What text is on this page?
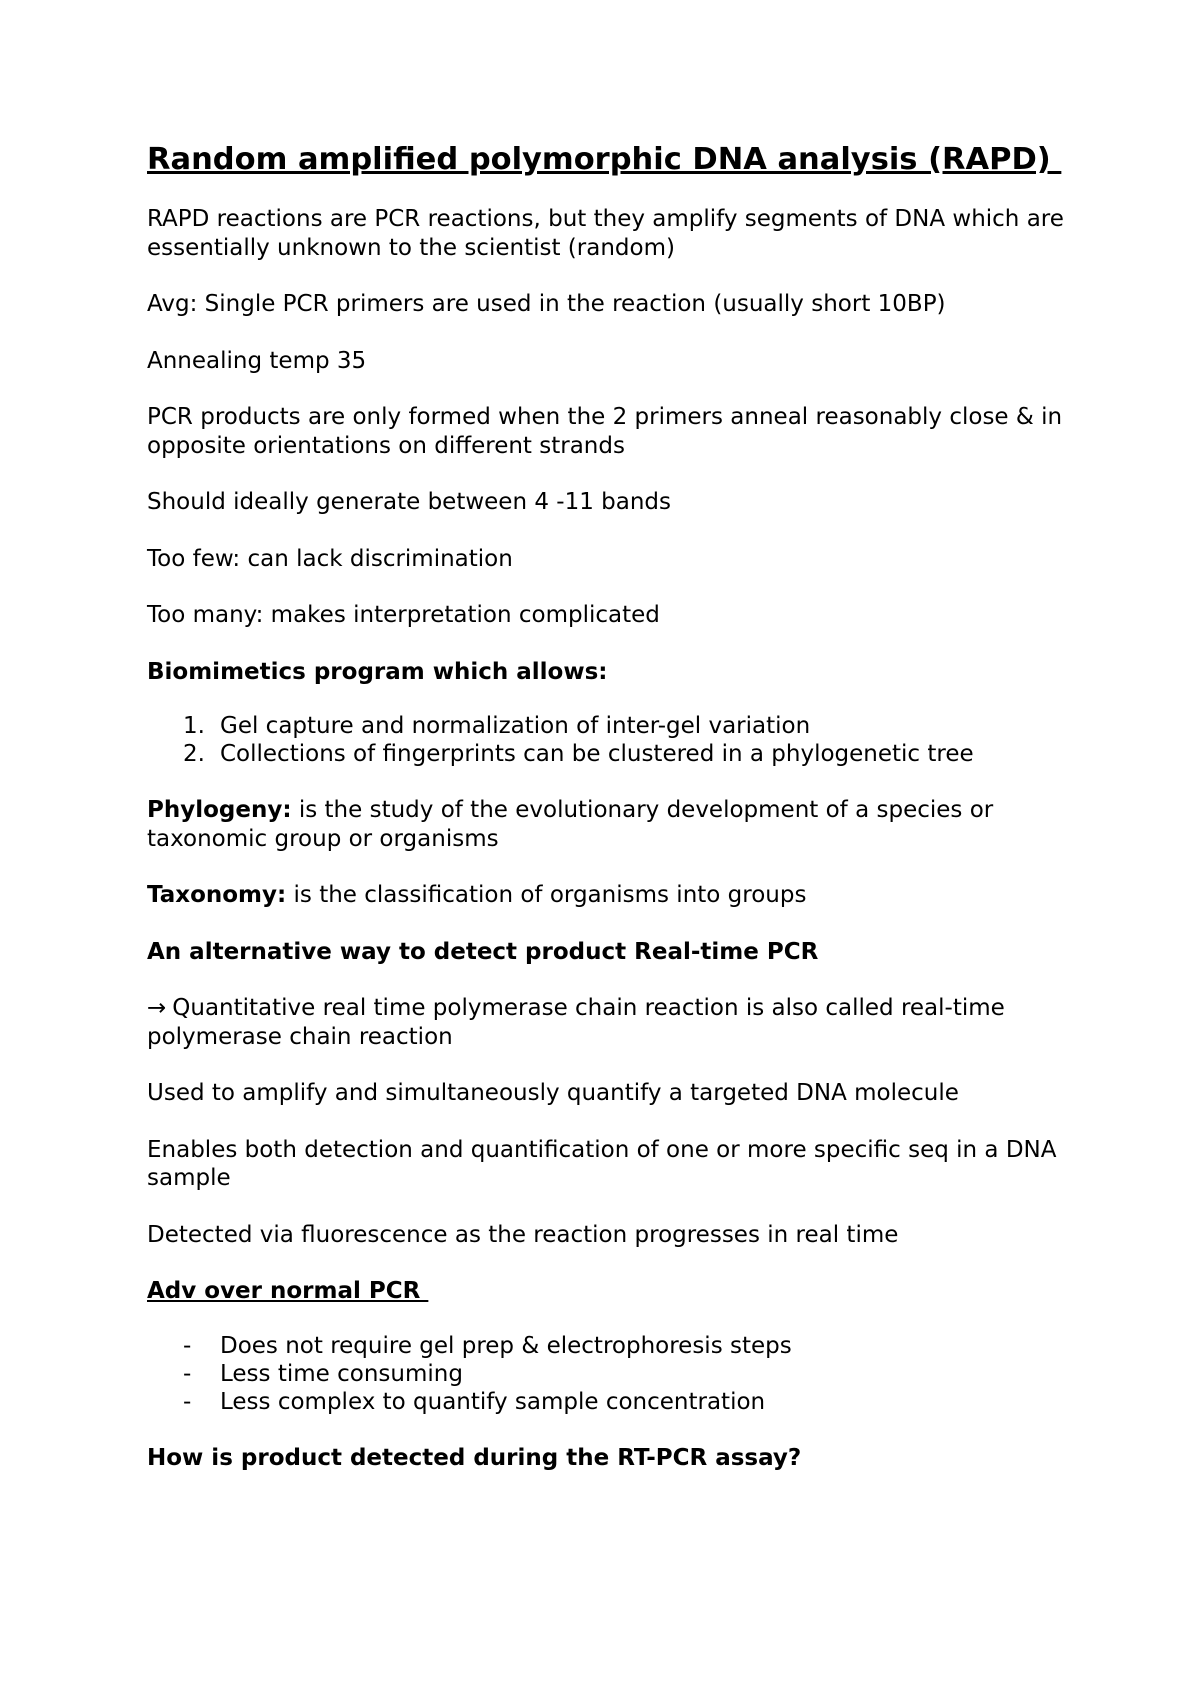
Random amplified polymorphic DNA analysis (RAPD)
RAPD reactions are PCR reactions, but they amplify segments of DNA which are essentially unknown to the scientist (random)
Avg: Single PCR primers are used in the reaction (usually short 10BP)
Annealing temp 35
PCR products are only formed when the 2 primers anneal reasonably close & in opposite orientations on different strands
Should ideally generate between 4 -11 bands
Too few: can lack discrimination
Too many: makes interpretation complicated
Biomimetics program which allows:
1. Gel capture and normalization of inter-gel variation
2. Collections of fingerprints can be clustered in a phylogenetic tree
Phylogeny: is the study of the evolutionary development of a species or taxonomic group or organisms
Taxonomy: is the classification of organisms into groups
An alternative way to detect product Real-time PCR
→ Quantitative real time polymerase chain reaction is also called real-time polymerase chain reaction
Used to amplify and simultaneously quantify a targeted DNA molecule
Enables both detection and quantification of one or more specific seq in a DNA sample
Detected via fluorescence as the reaction progresses in real time
Adv over normal PCR
- Does not require gel prep & electrophoresis steps
- Less time consuming
- Less complex to quantify sample concentration
How is product detected during the RT-PCR assay?
